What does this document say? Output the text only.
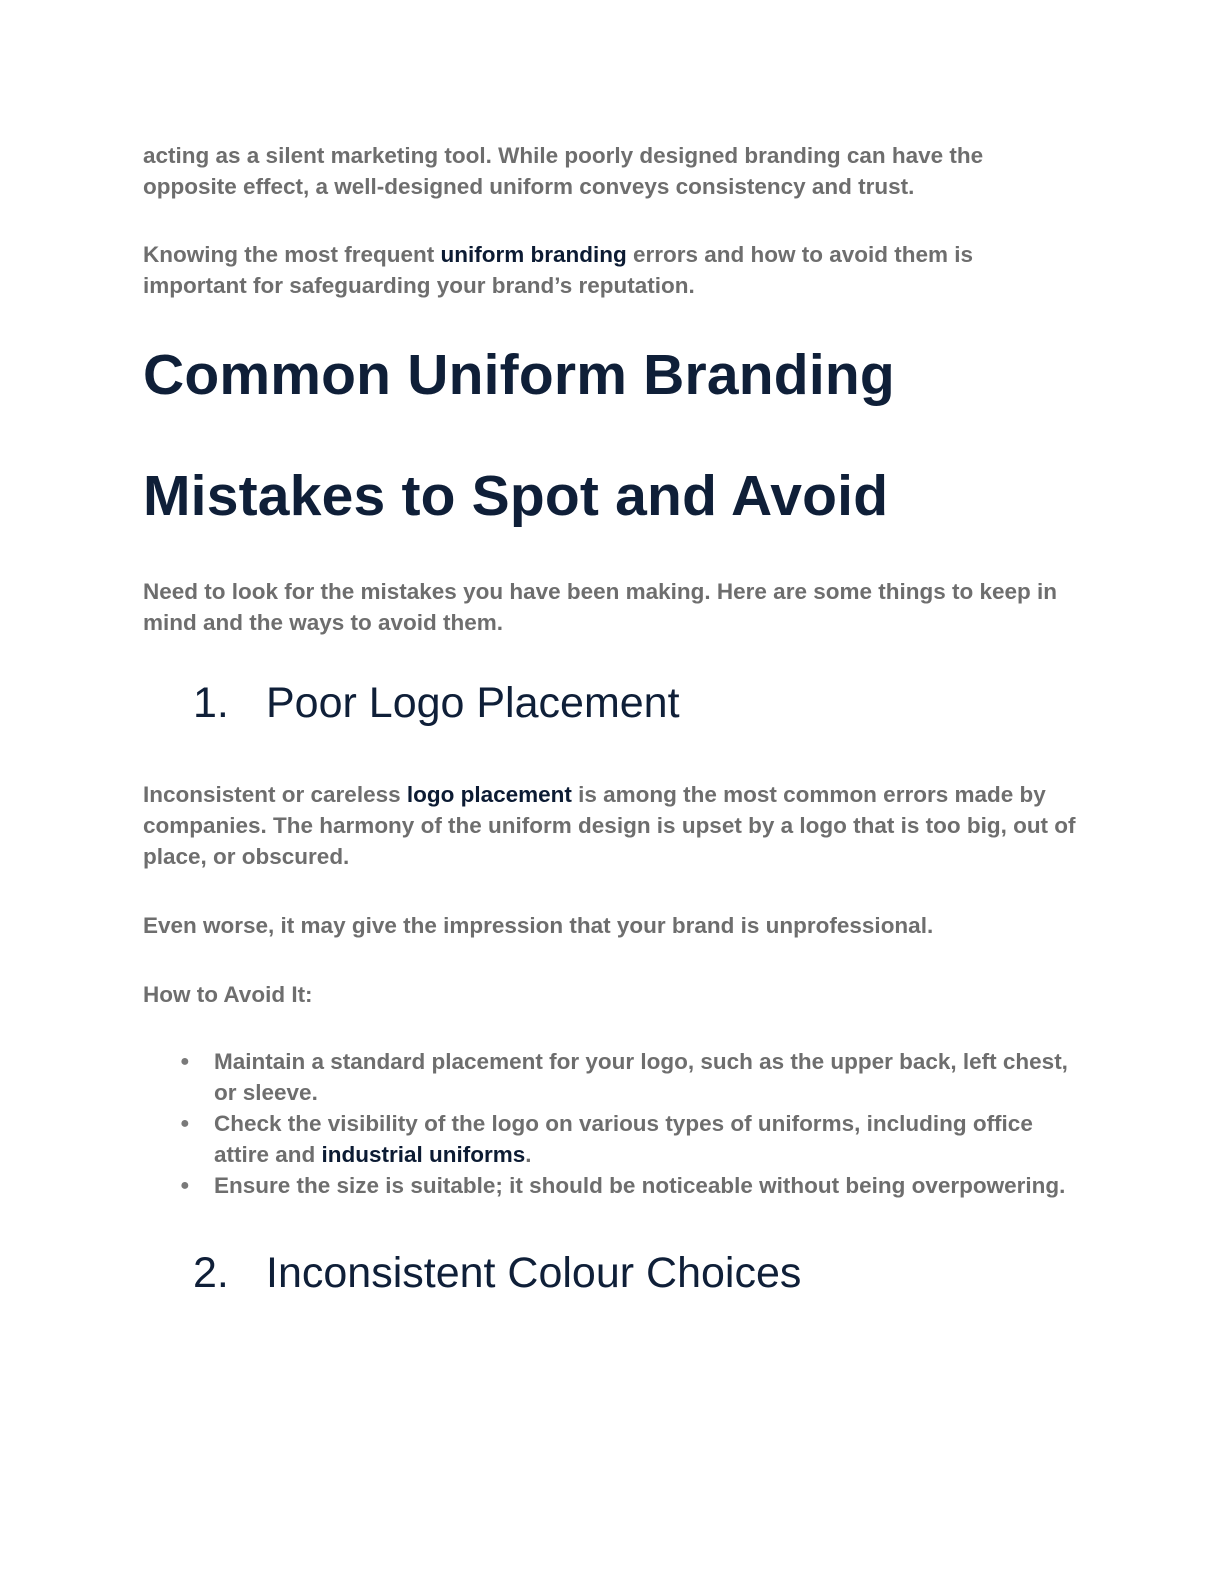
acting as a silent marketing tool. While poorly designed branding can have the opposite effect, a well-designed uniform conveys consistency and trust.

Knowing the most frequent uniform branding errors and how to avoid them is important for safeguarding your brand’s reputation.

Common Uniform Branding
Mistakes to Spot and Avoid

Need to look for the mistakes you have been making. Here are some things to keep in mind and the ways to avoid them.

1. Poor Logo Placement

Inconsistent or careless logo placement is among the most common errors made by companies. The harmony of the uniform design is upset by a logo that is too big, out of place, or obscured.

Even worse, it may give the impression that your brand is unprofessional.

How to Avoid It:

● Maintain a standard placement for your logo, such as the upper back, left chest, or sleeve.
● Check the visibility of the logo on various types of uniforms, including office attire and industrial uniforms.
● Ensure the size is suitable; it should be noticeable without being overpowering.
2. Inconsistent Colour Choices
